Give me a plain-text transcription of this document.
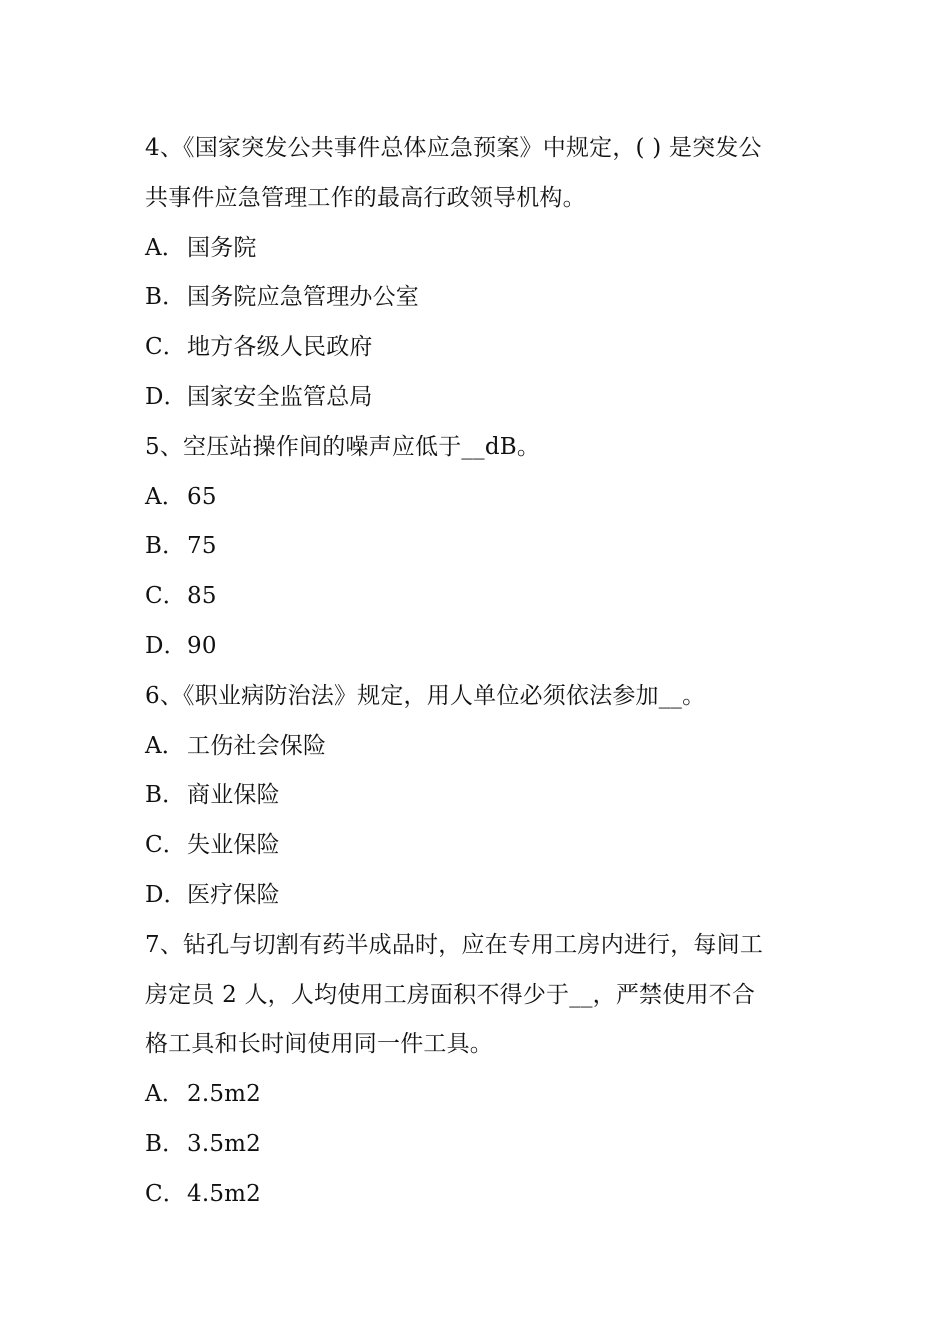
4、《国家突发公共事件总体应急预案》中规定，( ) 是突发公
共事件应急管理工作的最高行政领导机构。
A．国务院
B．国务院应急管理办公室
C．地方各级人民政府
D．国家安全监管总局
5、空压站操作间的噪声应低于__dB。
A．65
B．75
C．85
D．90
6、《职业病防治法》规定，用人单位必须依法参加__。
A．工伤社会保险
B．商业保险
C．失业保险
D．医疗保险
7、钻孔与切割有药半成品时，应在专用工房内进行，每间工
房定员 2 人，人均使用工房面积不得少于__，严禁使用不合
格工具和长时间使用同一件工具。
A．2.5m2
B．3.5m2
C．4.5m2
